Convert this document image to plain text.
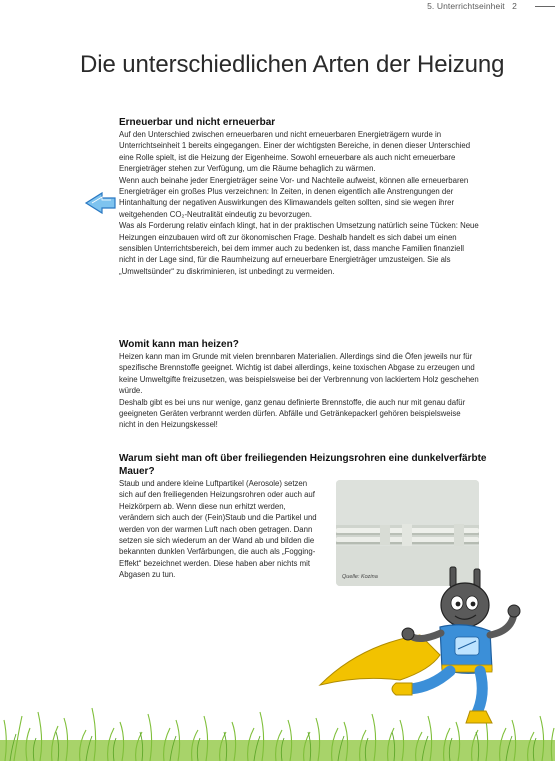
5. Unterrichtseinheit 2
Die unterschiedlichen Arten der Heizung
Erneuerbar und nicht erneuerbar

Auf den Unterschied zwischen erneuerbaren und nicht erneuerbaren Energieträgern wurde in Unterrichtseinheit 1 bereits eingegangen. Einer der wichtigsten Bereiche, in denen dieser Unterschied eine Rolle spielt, ist die Heizung der Eigenheime. Sowohl erneuerbare als auch nicht erneuerbare Energieträger stehen zur Verfügung, um die Räume behaglich zu wärmen.

Wenn auch beinahe jeder Energieträger seine Vor- und Nachteile aufweist, können alle erneuerbaren Energieträger ein großes Plus verzeichnen: In Zeiten, in denen eigentlich alle Anstrengungen der Hintanhaltung der negativen Auswirkungen des Klimawandels gelten sollten, sind sie wegen ihrer weitgehenden CO₂-Neutralität eindeutig zu bevorzugen.

Was als Forderung relativ einfach klingt, hat in der praktischen Umsetzung natürlich seine Tücken: Neue Heizungen einzubauen wird oft zur ökonomischen Frage. Deshalb handelt es sich dabei um einen sensiblen Unterrichtsbereich, bei dem immer auch zu bedenken ist, dass manche Familien finanziell nicht in der Lage sind, für die Raumheizung auf erneuerbare Energieträger umzusteigen. Sie als „Umweltsünder“ zu diskriminieren, ist unbedingt zu vermeiden.

Womit kann man heizen?

Heizen kann man im Grunde mit vielen brennbaren Materialien. Allerdings sind die Öfen jeweils nur für spezifische Brennstoffe geeignet. Wichtig ist dabei allerdings, keine toxischen Abgase zu erzeugen und keine Umweltgifte freizusetzen, was beispielsweise bei der Verbrennung von lackiertem Holz geschehen würde.

Deshalb gibt es bei uns nur wenige, ganz genau definierte Brennstoffe, die auch nur mit genau dafür geeigneten Geräten verbrannt werden dürfen. Abfälle und Getränkepackerl gehören beispielsweise nicht in den Heizungskessel!

Warum sieht man oft über freiliegenden Heizungsrohren eine dunkelverfärbte Mauer?

Staub und andere kleine Luftpartikel (Aerosole) setzen sich auf den freiliegenden Heizungsrohren oder auch auf Heizkörpern ab. Wenn diese nun erhitzt werden, verändern sich auch der (Fein)Staub und die Partikel und werden von der warmen Luft nach oben getragen. Dann setzen sie sich wiederum an der Wand ab und bilden die bekannten dunklen Verfärbungen, die auch als „Fogging-Effekt“ bezeichnet werden. Diese haben aber nichts mit Abgasen zu tun.	Quelle: Kozina
